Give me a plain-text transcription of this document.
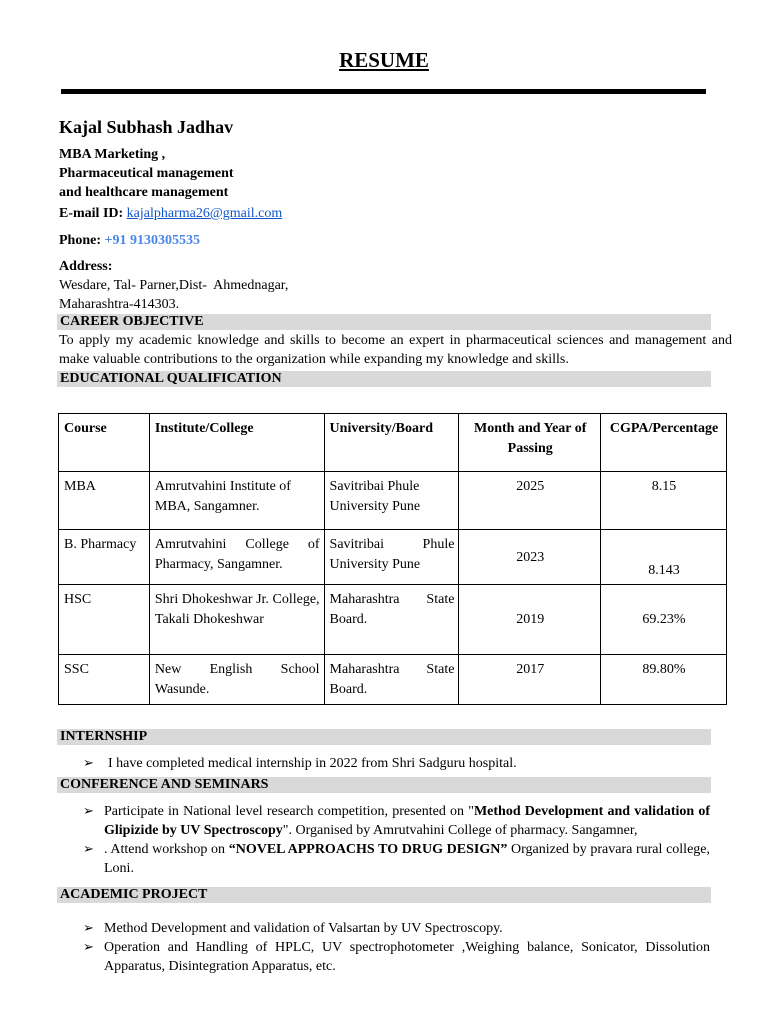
RESUME
Kajal Subhash Jadhav
MBA Marketing ,
Pharmaceutical management
and healthcare management
E-mail ID: kajalpharma26@gmail.com
Phone: +91 9130305535
Address:
Wesdare, Tal- Parner,Dist-  Ahmednagar,
Maharashtra-414303.
CAREER OBJECTIVE
To apply my academic knowledge and skills to become an expert in pharmaceutical sciences and management and make valuable contributions to the organization while expanding my knowledge and skills.
EDUCATIONAL QUALIFICATION
Course	Institute/College	University/Board	Month and Year of Passing	CGPA/Percentage
MBA	Amrutvahini Institute of MBA, Sangamner.	Savitribai Phule University Pune	2025	8.15
B. Pharmacy	Amrutvahini College of Pharmacy, Sangamner.	Savitribai Phule University Pune	2023	8.143
HSC	Shri Dhokeshwar Jr. College, Takali Dhokeshwar	Maharashtra State Board.	2019	69.23%
SSC	New English School Wasunde.	Maharashtra State Board.	2017	89.80%
INTERNSHIP
➢ I have completed medical internship in 2022 from Shri Sadguru hospital.
CONFERENCE AND SEMINARS
➢ Participate in National level research competition, presented on "Method Development and validation of Glipizide by UV Spectroscopy". Organised by Amrutvahini College of pharmacy. Sangamner,
➢ . Attend workshop on “NOVEL APPROACHS TO DRUG DESIGN” Organized by pravara rural college, Loni.
ACADEMIC PROJECT
➢ Method Development and validation of Valsartan by UV Spectroscopy.
➢ Operation and Handling of HPLC, UV spectrophotometer ,Weighing balance, Sonicator, Dissolution Apparatus, Disintegration Apparatus, etc.
